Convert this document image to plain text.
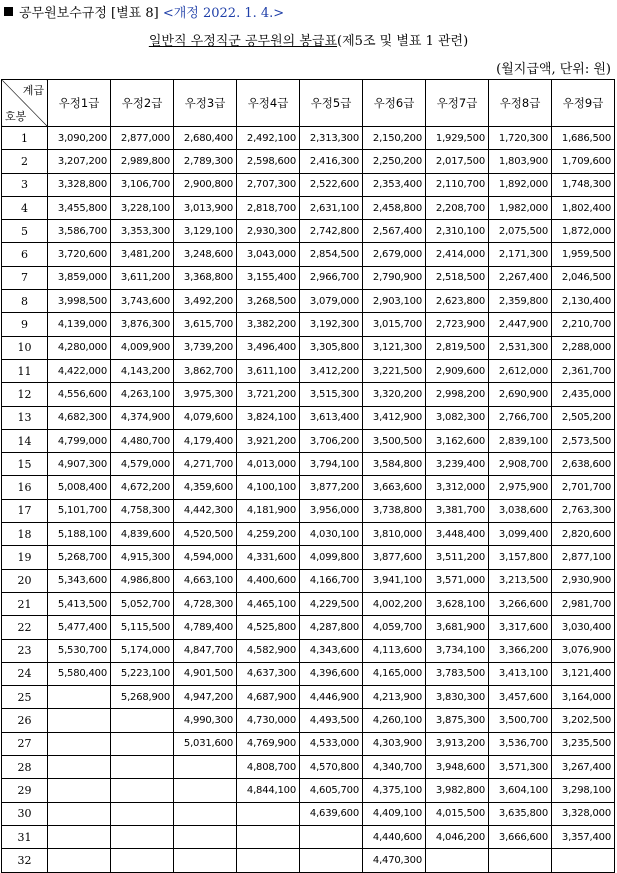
공무원보수규정 [별표 8] <개정 2022. 1. 4.>
일반직 우정직군 공무원의 봉급표(제5조 및 별표 1 관련)
(월지급액, 단위: 원)
계급
호봉	우정1급	우정2급	우정3급	우정4급	우정5급	우정6급	우정7급	우정8급	우정9급
1	3,090,200	2,877,000	2,680,400	2,492,100	2,313,300	2,150,200	1,929,500	1,720,300	1,686,500
2	3,207,200	2,989,800	2,789,300	2,598,600	2,416,300	2,250,200	2,017,500	1,803,900	1,709,600
3	3,328,800	3,106,700	2,900,800	2,707,300	2,522,600	2,353,400	2,110,700	1,892,000	1,748,300
4	3,455,800	3,228,100	3,013,900	2,818,700	2,631,100	2,458,800	2,208,700	1,982,000	1,802,400
5	3,586,700	3,353,300	3,129,100	2,930,300	2,742,800	2,567,400	2,310,100	2,075,500	1,872,000
6	3,720,600	3,481,200	3,248,600	3,043,000	2,854,500	2,679,000	2,414,000	2,171,300	1,959,500
7	3,859,000	3,611,200	3,368,800	3,155,400	2,966,700	2,790,900	2,518,500	2,267,400	2,046,500
8	3,998,500	3,743,600	3,492,200	3,268,500	3,079,000	2,903,100	2,623,800	2,359,800	2,130,400
9	4,139,000	3,876,300	3,615,700	3,382,200	3,192,300	3,015,700	2,723,900	2,447,900	2,210,700
10	4,280,000	4,009,900	3,739,200	3,496,400	3,305,800	3,121,300	2,819,500	2,531,300	2,288,000
11	4,422,000	4,143,200	3,862,700	3,611,100	3,412,200	3,221,500	2,909,600	2,612,000	2,361,700
12	4,556,600	4,263,100	3,975,300	3,721,200	3,515,300	3,320,200	2,998,200	2,690,900	2,435,000
13	4,682,300	4,374,900	4,079,600	3,824,100	3,613,400	3,412,900	3,082,300	2,766,700	2,505,200
14	4,799,000	4,480,700	4,179,400	3,921,200	3,706,200	3,500,500	3,162,600	2,839,100	2,573,500
15	4,907,300	4,579,000	4,271,700	4,013,000	3,794,100	3,584,800	3,239,400	2,908,700	2,638,600
16	5,008,400	4,672,200	4,359,600	4,100,100	3,877,200	3,663,600	3,312,000	2,975,900	2,701,700
17	5,101,700	4,758,300	4,442,300	4,181,900	3,956,000	3,738,800	3,381,700	3,038,600	2,763,300
18	5,188,100	4,839,600	4,520,500	4,259,200	4,030,100	3,810,000	3,448,400	3,099,400	2,820,600
19	5,268,700	4,915,300	4,594,000	4,331,600	4,099,800	3,877,600	3,511,200	3,157,800	2,877,100
20	5,343,600	4,986,800	4,663,100	4,400,600	4,166,700	3,941,100	3,571,000	3,213,500	2,930,900
21	5,413,500	5,052,700	4,728,300	4,465,100	4,229,500	4,002,200	3,628,100	3,266,600	2,981,700
22	5,477,400	5,115,500	4,789,400	4,525,800	4,287,800	4,059,700	3,681,900	3,317,600	3,030,400
23	5,530,700	5,174,000	4,847,700	4,582,900	4,343,600	4,113,600	3,734,100	3,366,200	3,076,900
24	5,580,400	5,223,100	4,901,500	4,637,300	4,396,600	4,165,000	3,783,500	3,413,100	3,121,400
25		5,268,900	4,947,200	4,687,900	4,446,900	4,213,900	3,830,300	3,457,600	3,164,000
26			4,990,300	4,730,000	4,493,500	4,260,100	3,875,300	3,500,700	3,202,500
27			5,031,600	4,769,900	4,533,000	4,303,900	3,913,200	3,536,700	3,235,500
28				4,808,700	4,570,800	4,340,700	3,948,600	3,571,300	3,267,400
29				4,844,100	4,605,700	4,375,100	3,982,800	3,604,100	3,298,100
30					4,639,600	4,409,100	4,015,500	3,635,800	3,328,000
31						4,440,600	4,046,200	3,666,600	3,357,400
32						4,470,300			
